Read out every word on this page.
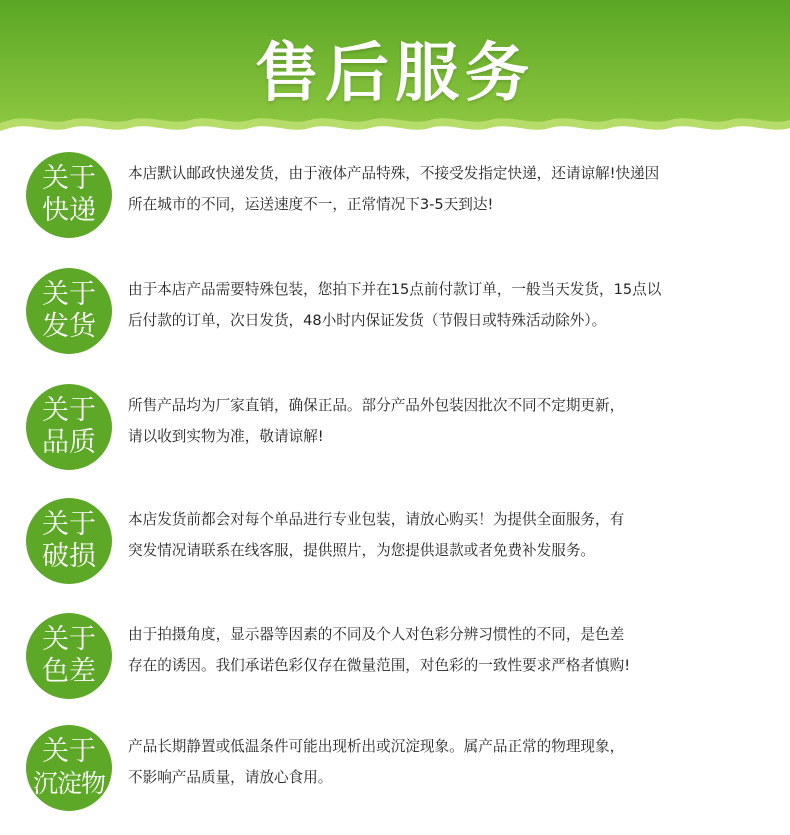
售后服务
关于
快递
本店默认邮政快递发货，由于液体产品特殊，不接受发指定快递，还请谅解!快递因
所在城市的不同，运送速度不一，正常情况下3-5天到达!
关于
发货
由于本店产品需要特殊包装，您拍下并在15点前付款订单，一般当天发货，15点以
后付款的订单，次日发货，48小时内保证发货（节假日或特殊活动除外）。
关于
品质
所售产品均为厂家直销，确保正品。部分产品外包装因批次不同不定期更新，
请以收到实物为准，敬请谅解!
关于
破损
本店发货前都会对每个单品进行专业包装，请放心购买！为提供全面服务，有
突发情况请联系在线客服，提供照片，为您提供退款或者免费补发服务。
关于
色差
由于拍摄角度，显示器等因素的不同及个人对色彩分辨习惯性的不同，是色差
存在的诱因。我们承诺色彩仅存在微量范围，对色彩的一致性要求严格者慎购!
关于
沉淀物
产品长期静置或低温条件可能出现析出或沉淀现象。属产品正常的物理现象，
不影响产品质量，请放心食用。
